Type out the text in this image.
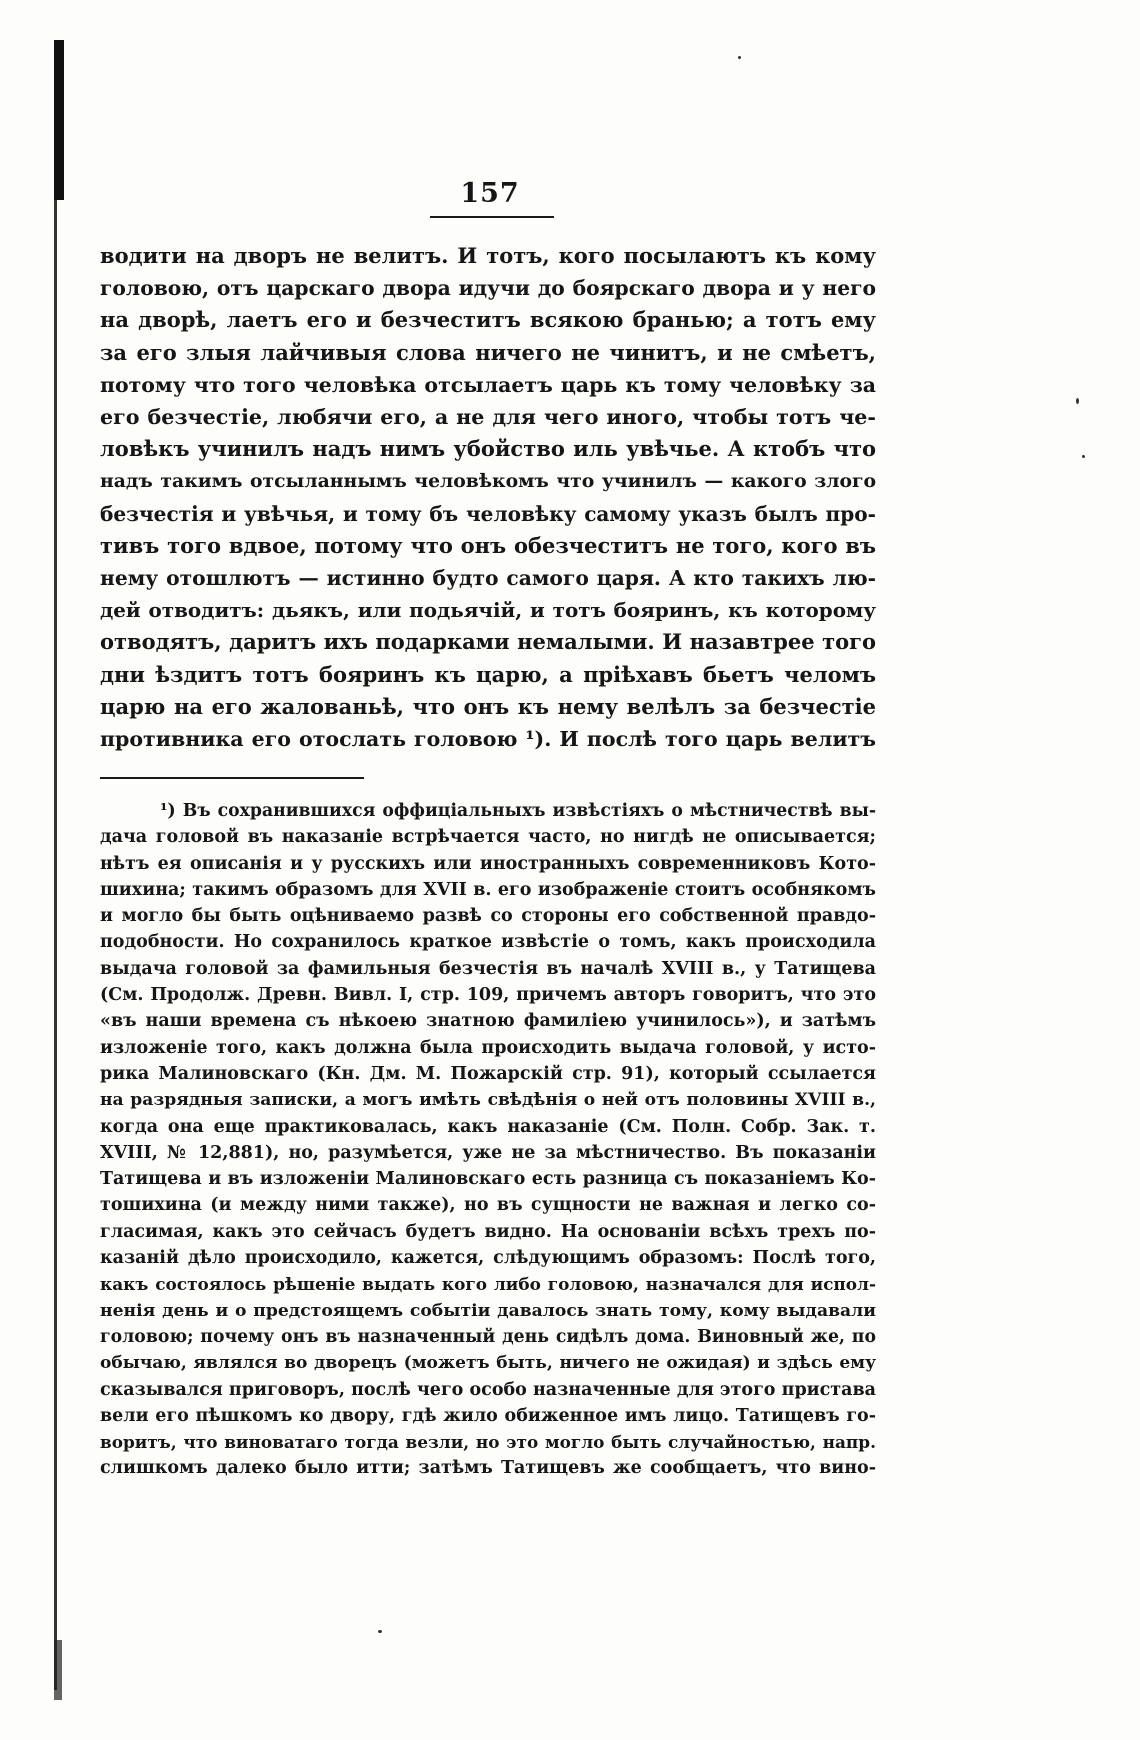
157
водити на дворъ не велитъ. И тотъ, кого посылаютъ къ кому
головою, отъ царскаго двора идучи до боярскаго двора и у него
на дворѣ, лаетъ его и безчеститъ всякою бранью; а тотъ ему
за его злыя лайчивыя слова ничего не чинитъ, и не смѣетъ,
потому что того человѣка отсылаетъ царь къ тому человѣку за
его безчестіе, любячи его, а не для чего иного, чтобы тотъ че-
ловѣкъ учинилъ надъ нимъ убойство иль увѣчье. А ктобъ что
надъ такимъ отсыланнымъ человѣкомъ что учинилъ — какого злого
безчестія и увѣчья, и тому бъ человѣку самому указъ былъ про-
тивъ того вдвое, потому что онъ обезчеститъ не того, кого въ
нему отошлютъ — истинно будто самого царя. А кто такихъ лю-
дей отводитъ: дьякъ, или подьячій, и тотъ бояринъ, къ которому
отводятъ, даритъ ихъ подарками немалыми. И назавтрее того
дни ѣздитъ тотъ бояринъ къ царю, а пріѣхавъ бьетъ челомъ
царю на его жалованьѣ, что онъ къ нему велѣлъ за безчестіе
противника его отослать головою ¹). И послѣ того царь велитъ
¹) Въ сохранившихся оффиціальныхъ извѣстіяхъ о мѣстничествѣ вы-
дача головой въ наказаніе встрѣчается часто, но нигдѣ не описывается;
нѣтъ ея описанія и у русскихъ или иностранныхъ современниковъ Кото-
шихина; такимъ образомъ для XVII в. его изображеніе стоитъ особнякомъ
и могло бы быть оцѣниваемо развѣ со стороны его собственной правдо-
подобности. Но сохранилось краткое извѣстіе о томъ, какъ происходила
выдача головой за фамильныя безчестія въ началѣ XVIII в., у Татищева
(См. Продолж. Древн. Вивл. I, стр. 109, причемъ авторъ говоритъ, что это
«въ наши времена съ нѣкоею знатною фамиліею учинилось»), и затѣмъ
изложеніе того, какъ должна была происходить выдача головой, у исто-
рика Малиновскаго (Кн. Дм. М. Пожарскій стр. 91), который ссылается
на разрядныя записки, а могъ имѣть свѣдѣнія о ней отъ половины XVIII в.,
когда она еще практиковалась, какъ наказаніе (См. Полн. Собр. Зак. т.
XVIII, № 12,881), но, разумѣется, уже не за мѣстничество. Въ показаніи
Татищева и въ изложеніи Малиновскаго есть разница съ показаніемъ Ко-
тошихина (и между ними также), но въ сущности не важная и легко со-
гласимая, какъ это сейчасъ будетъ видно. На основаніи всѣхъ трехъ по-
казаній дѣло происходило, кажется, слѣдующимъ образомъ: Послѣ того,
какъ состоялось рѣшеніе выдать кого либо головою, назначался для испол-
ненія день и о предстоящемъ событіи давалось знать тому, кому выдавали
головою; почему онъ въ назначенный день сидѣлъ дома. Виновный же, по
обычаю, являлся во дворецъ (можетъ быть, ничего не ожидая) и здѣсь ему
сказывался приговоръ, послѣ чего особо назначенные для этого пристава
вели его пѣшкомъ ко двору, гдѣ жило обиженное имъ лицо. Татищевъ го-
воритъ, что виноватаго тогда везли, но это могло быть случайностью, напр.
слишкомъ далеко было итти; затѣмъ Татищевъ же сообщаетъ, что вино-
